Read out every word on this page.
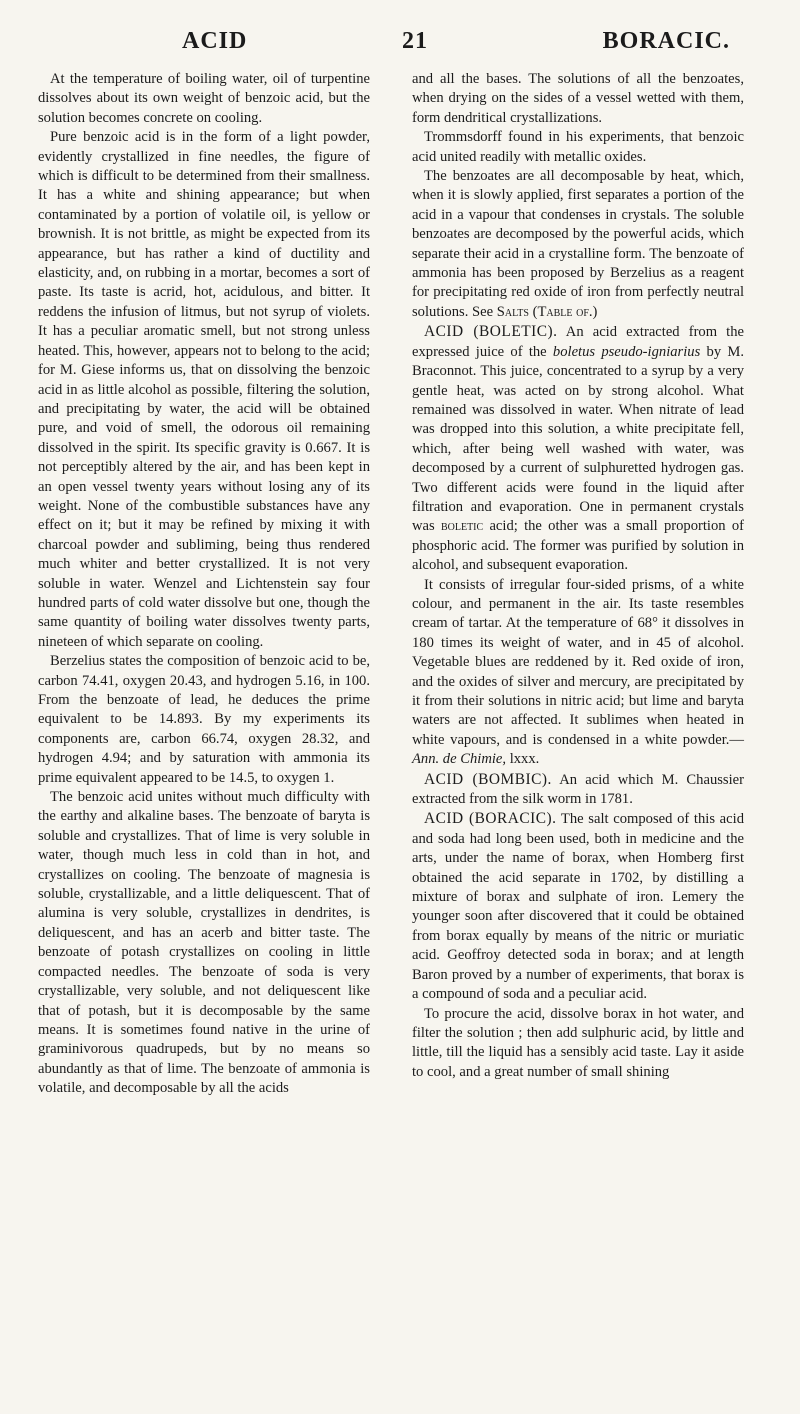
ACID	21	BORACIC.

At the temperature of boiling water, oil of turpentine dissolves about its own weight of benzoic acid, but the solution becomes concrete on cooling.

Pure benzoic acid is in the form of a light powder, evidently crystallized in fine needles, the figure of which is difficult to be determined from their smallness. It has a white and shining appearance; but when contaminated by a portion of volatile oil, is yellow or brownish. It is not brittle, as might be expected from its appearance, but has rather a kind of ductility and elasticity, and, on rubbing in a mortar, becomes a sort of paste. Its taste is acrid, hot, acidulous, and bitter. It reddens the infusion of litmus, but not syrup of violets. It has a peculiar aromatic smell, but not strong unless heated. This, however, appears not to belong to the acid; for M. Giese informs us, that on dissolving the benzoic acid in as little alcohol as possible, filtering the solution, and precipitating by water, the acid will be obtained pure, and void of smell, the odorous oil remaining dissolved in the spirit. Its specific gravity is 0.667. It is not perceptibly altered by the air, and has been kept in an open vessel twenty years without losing any of its weight. None of the combustible substances have any effect on it; but it may be refined by mixing it with charcoal powder and subliming, being thus rendered much whiter and better crystallized. It is not very soluble in water. Wenzel and Lichtenstein say four hundred parts of cold water dissolve but one, though the same quantity of boiling water dissolves twenty parts, nineteen of which separate on cooling.

Berzelius states the composition of benzoic acid to be, carbon 74.41, oxygen 20.43, and hydrogen 5.16, in 100. From the benzoate of lead, he deduces the prime equivalent to be 14.893. By my experiments its components are, carbon 66.74, oxygen 28.32, and hydrogen 4.94; and by saturation with ammonia its prime equivalent appeared to be 14.5, to oxygen 1.

The benzoic acid unites without much difficulty with the earthy and alkaline bases. The benzoate of baryta is soluble and crystallizes. That of lime is very soluble in water, though much less in cold than in hot, and crystallizes on cooling. The benzoate of magnesia is soluble, crystallizable, and a little deliquescent. That of alumina is very soluble, crystallizes in dendrites, is deliquescent, and has an acerb and bitter taste. The benzoate of potash crystallizes on cooling in little compacted needles. The benzoate of soda is very crystallizable, very soluble, and not deliquescent like that of potash, but it is decomposable by the same means. It is sometimes found native in the urine of graminivorous quadrupeds, but by no means so abundantly as that of lime. The benzoate of ammonia is volatile, and decomposable by all the acids

and all the bases. The solutions of all the benzoates, when drying on the sides of a vessel wetted with them, form dendritical crystallizations.

Trommsdorff found in his experiments, that benzoic acid united readily with metallic oxides.

The benzoates are all decomposable by heat, which, when it is slowly applied, first separates a portion of the acid in a vapour that condenses in crystals. The soluble benzoates are decomposed by the powerful acids, which separate their acid in a crystalline form. The benzoate of ammonia has been proposed by Berzelius as a reagent for precipitating red oxide of iron from perfectly neutral solutions. See Salts (Table of.)

ACID (BOLETIC). An acid extracted from the expressed juice of the boletus pseudo-igniarius by M. Braconnot. This juice, concentrated to a syrup by a very gentle heat, was acted on by strong alcohol. What remained was dissolved in water. When nitrate of lead was dropped into this solution, a white precipitate fell, which, after being well washed with water, was decomposed by a current of sulphuretted hydrogen gas. Two different acids were found in the liquid after filtration and evaporation. One in permanent crystals was boletic acid; the other was a small proportion of phosphoric acid. The former was purified by solution in alcohol, and subsequent evaporation.

It consists of irregular four-sided prisms, of a white colour, and permanent in the air. Its taste resembles cream of tartar. At the temperature of 68° it dissolves in 180 times its weight of water, and in 45 of alcohol. Vegetable blues are reddened by it. Red oxide of iron, and the oxides of silver and mercury, are precipitated by it from their solutions in nitric acid; but lime and baryta waters are not affected. It sublimes when heated in white vapours, and is condensed in a white powder.—Ann. de Chimie, lxxx.

ACID (BOMBIC). An acid which M. Chaussier extracted from the silk worm in 1781.

ACID (BORACIC). The salt composed of this acid and soda had long been used, both in medicine and the arts, under the name of borax, when Homberg first obtained the acid separate in 1702, by distilling a mixture of borax and sulphate of iron. Lemery the younger soon after discovered that it could be obtained from borax equally by means of the nitric or muriatic acid. Geoffroy detected soda in borax; and at length Baron proved by a number of experiments, that borax is a compound of soda and a peculiar acid.

To procure the acid, dissolve borax in hot water, and filter the solution ; then add sulphuric acid, by little and little, till the liquid has a sensibly acid taste. Lay it aside to cool, and a great number of small shining
